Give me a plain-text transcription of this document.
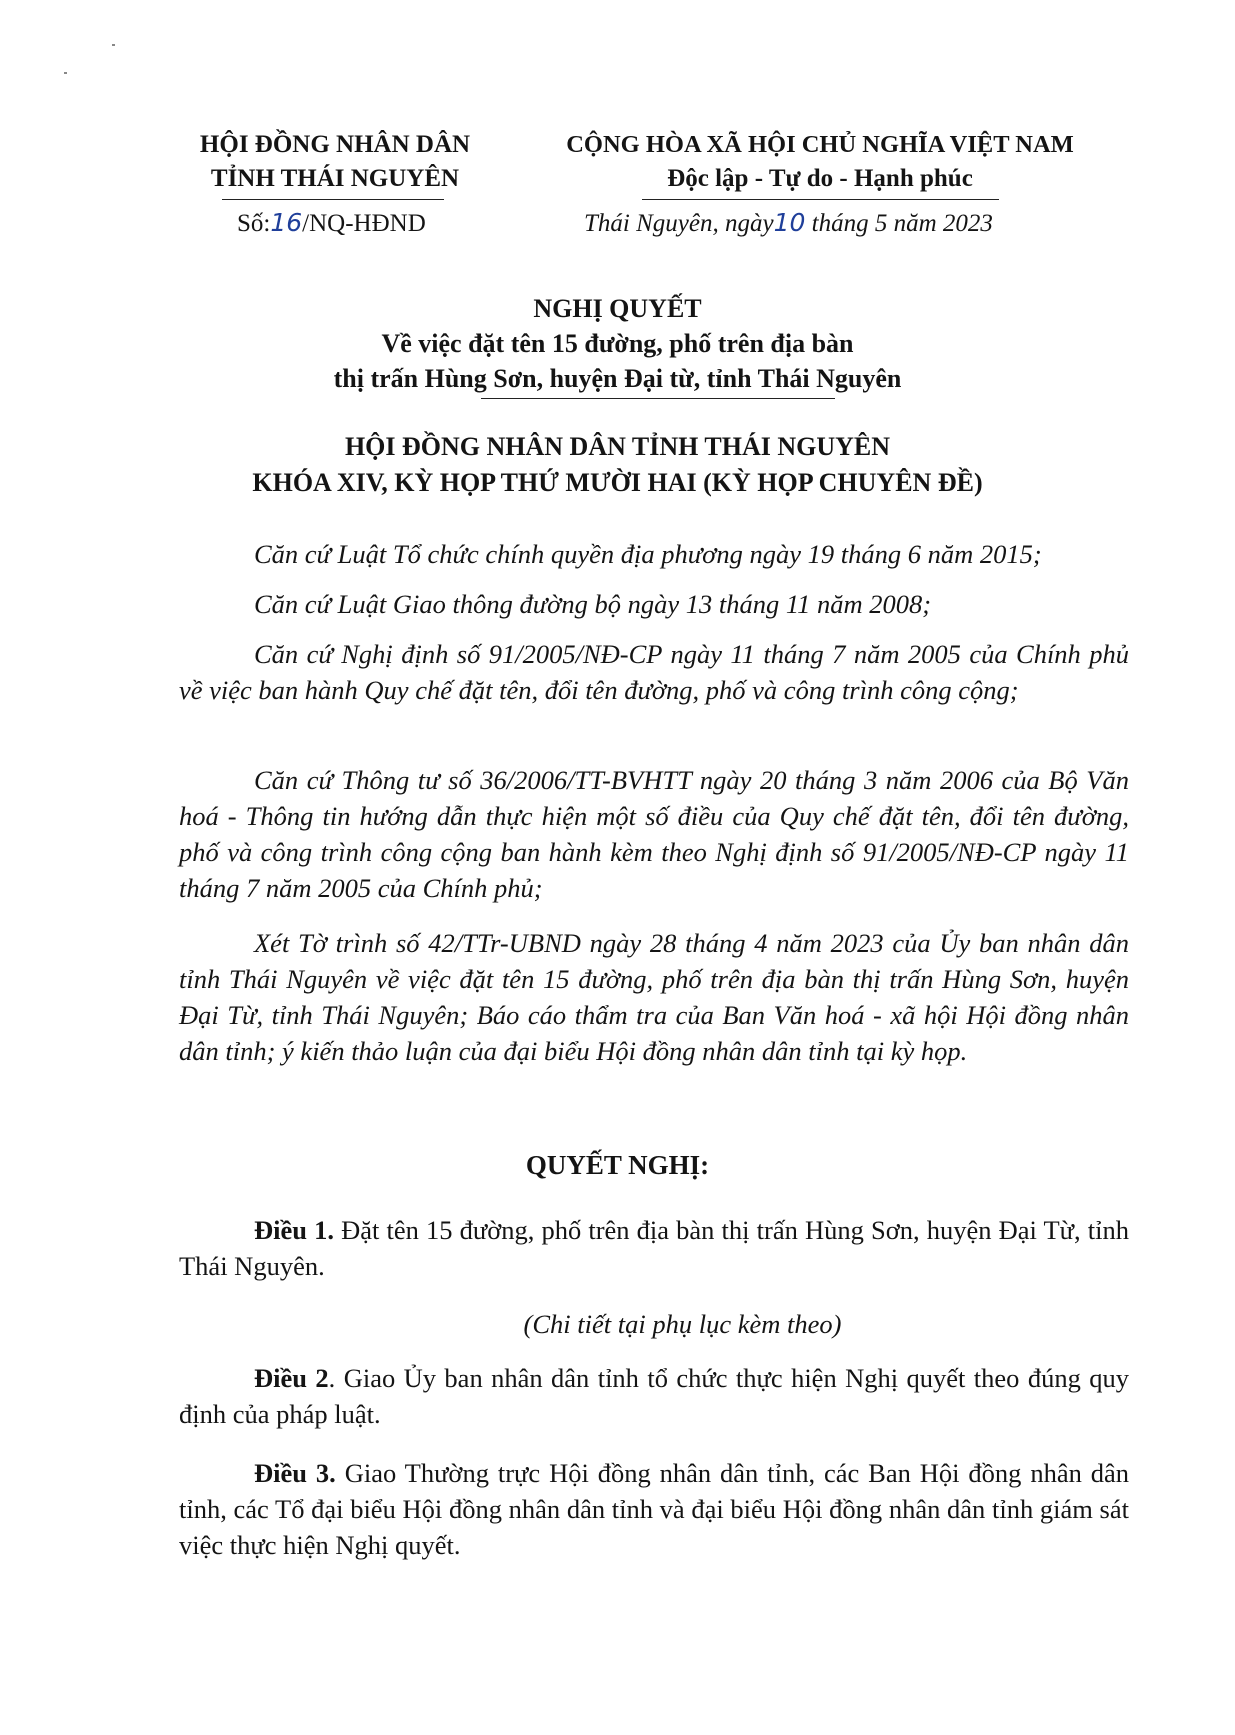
HỘI ĐỒNG NHÂN DÂN
TỈNH THÁI NGUYÊN
Số:16/NQ-HĐND
CỘNG HÒA XÃ HỘI CHỦ NGHĨA VIỆT NAM
Độc lập - Tự do - Hạnh phúc
Thái Nguyên, ngày10 tháng 5 năm 2023
NGHỊ QUYẾT
Về việc đặt tên 15 đường, phố trên địa bàn
thị trấn Hùng Sơn, huyện Đại từ, tỉnh Thái Nguyên
HỘI ĐỒNG NHÂN DÂN TỈNH THÁI NGUYÊN
KHÓA XIV, KỲ HỌP THỨ MƯỜI HAI (KỲ HỌP CHUYÊN ĐỀ)
Căn cứ Luật Tổ chức chính quyền địa phương ngày 19 tháng 6 năm 2015;
Căn cứ Luật Giao thông đường bộ ngày 13 tháng 11 năm 2008;
Căn cứ Nghị định số 91/2005/NĐ-CP ngày 11 tháng 7 năm 2005 của Chính phủ về việc ban hành Quy chế đặt tên, đổi tên đường, phố và công trình công cộng;
Căn cứ Thông tư số 36/2006/TT-BVHTT ngày 20 tháng 3 năm 2006 của Bộ Văn hoá - Thông tin hướng dẫn thực hiện một số điều của Quy chế đặt tên, đổi tên đường, phố và công trình công cộng ban hành kèm theo Nghị định số 91/2005/NĐ-CP ngày 11 tháng 7 năm 2005 của Chính phủ;
Xét Tờ trình số 42/TTr-UBND ngày 28 tháng 4 năm 2023 của Ủy ban nhân dân tỉnh Thái Nguyên về việc đặt tên 15 đường, phố trên địa bàn thị trấn Hùng Sơn, huyện Đại Từ, tỉnh Thái Nguyên; Báo cáo thẩm tra của Ban Văn hoá - xã hội Hội đồng nhân dân tỉnh; ý kiến thảo luận của đại biểu Hội đồng nhân dân tỉnh tại kỳ họp.
QUYẾT NGHỊ:
Điều 1. Đặt tên 15 đường, phố trên địa bàn thị trấn Hùng Sơn, huyện Đại Từ, tỉnh Thái Nguyên.
(Chi tiết tại phụ lục kèm theo)
Điều 2. Giao Ủy ban nhân dân tỉnh tổ chức thực hiện Nghị quyết theo đúng quy định của pháp luật.
Điều 3. Giao Thường trực Hội đồng nhân dân tỉnh, các Ban Hội đồng nhân dân tỉnh, các Tổ đại biểu Hội đồng nhân dân tỉnh và đại biểu Hội đồng nhân dân tỉnh giám sát việc thực hiện Nghị quyết.
